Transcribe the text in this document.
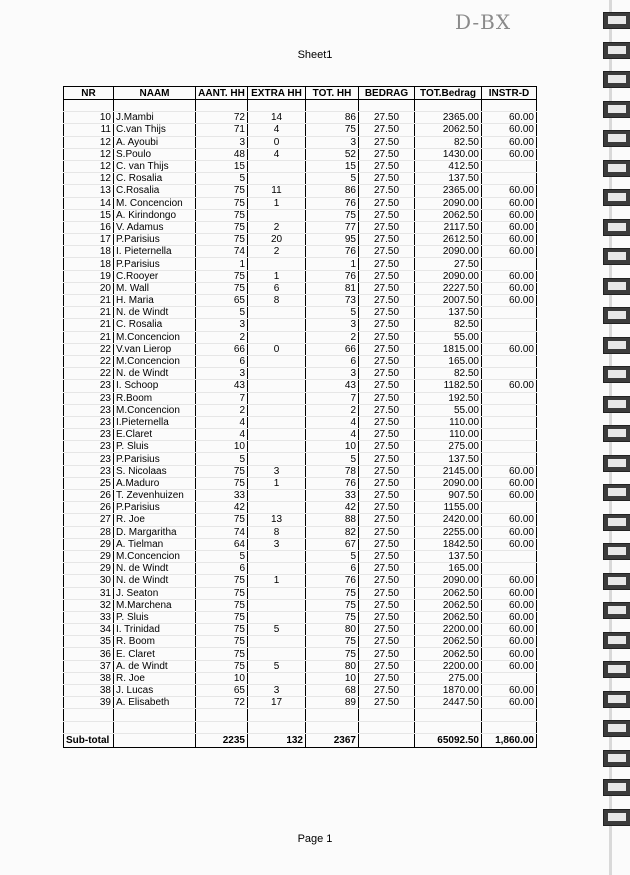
Sheet1
D-BX
NR	NAAM	AANT. HH	EXTRA HH	TOT. HH	BEDRAG	TOT.Bedrag	INSTR-D

10	J.Mambi	72	14	86	27.50	2365.00	60.00
11	C.van Thijs	71	4	75	27.50	2062.50	60.00
12	A. Ayoubi	3	0	3	27.50	82.50	60.00
12	S.Poulo	48	4	52	27.50	1430.00	60.00
12	C. van Thijs	15		15	27.50	412.50	
12	C. Rosalia	5		5	27.50	137.50	
13	C.Rosalia	75	11	86	27.50	2365.00	60.00
14	M. Concencion	75	1	76	27.50	2090.00	60.00
15	A. Kirindongo	75		75	27.50	2062.50	60.00
16	V. Adamus	75	2	77	27.50	2117.50	60.00
17	P.Parisius	75	20	95	27.50	2612.50	60.00
18	I. Pieternella	74	2	76	27.50	2090.00	60.00
18	P.Parisius	1		1	27.50	27.50	
19	C.Rooyer	75	1	76	27.50	2090.00	60.00
20	M. Wall	75	6	81	27.50	2227.50	60.00
21	H. Maria	65	8	73	27.50	2007.50	60.00
21	N. de Windt	5		5	27.50	137.50	
21	C. Rosalia	3		3	27.50	82.50	
21	M.Concencion	2		2	27.50	55.00	
22	V.van Lierop	66	0	66	27.50	1815.00	60.00
22	M.Concencion	6		6	27.50	165.00	
22	N. de Windt	3		3	27.50	82.50	
23	I. Schoop	43		43	27.50	1182.50	60.00
23	R.Boom	7		7	27.50	192.50	
23	M.Concencion	2		2	27.50	55.00	
23	I.Pieternella	4		4	27.50	110.00	
23	E.Claret	4		4	27.50	110.00	
23	P. Sluis	10		10	27.50	275.00	
23	P.Parisius	5		5	27.50	137.50	
23	S. Nicolaas	75	3	78	27.50	2145.00	60.00
25	A.Maduro	75	1	76	27.50	2090.00	60.00
26	T. Zevenhuizen	33		33	27.50	907.50	60.00
26	P.Parisius	42		42	27.50	1155.00	
27	R. Joe	75	13	88	27.50	2420.00	60.00
28	D. Margaritha	74	8	82	27.50	2255.00	60.00
29	A. Tielman	64	3	67	27.50	1842.50	60.00
29	M.Concencion	5		5	27.50	137.50	
29	N. de Windt	6		6	27.50	165.00	
30	N. de Windt	75	1	76	27.50	2090.00	60.00
31	J. Seaton	75		75	27.50	2062.50	60.00
32	M.Marchena	75		75	27.50	2062.50	60.00
33	P. Sluis	75		75	27.50	2062.50	60.00
34	I. Trinidad	75	5	80	27.50	2200.00	60.00
35	R. Boom	75		75	27.50	2062.50	60.00
36	E. Claret	75		75	27.50	2062.50	60.00
37	A. de Windt	75	5	80	27.50	2200.00	60.00
38	R. Joe	10		10	27.50	275.00	
38	J. Lucas	65	3	68	27.50	1870.00	60.00
39	A. Elisabeth	72	17	89	27.50	2447.50	60.00

Sub-total		2235	132	2367		65092.50	1,860.00
Page 1
